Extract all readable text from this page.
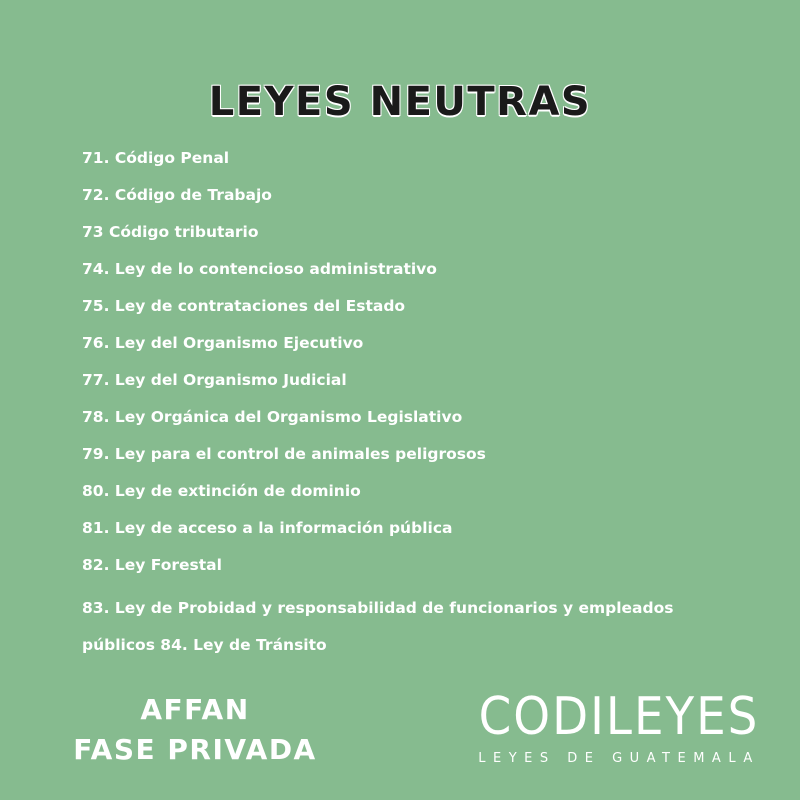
LEYES NEUTRAS
71. Código Penal
72. Código de Trabajo
73 Código tributario
74. Ley de lo contencioso administrativo
75. Ley de contrataciones del Estado
76. Ley del Organismo Ejecutivo
77. Ley del Organismo Judicial
78. Ley Orgánica del Organismo Legislativo
79. Ley para el control de animales peligrosos
80. Ley de extinción de dominio
81. Ley de acceso a la información pública
82. Ley Forestal
83. Ley de Probidad y responsabilidad de funcionarios y empleados públicos 84. Ley de Tránsito
AFFAN
FASE PRIVADA
CODILEYES
LEYES DE GUATEMALA
